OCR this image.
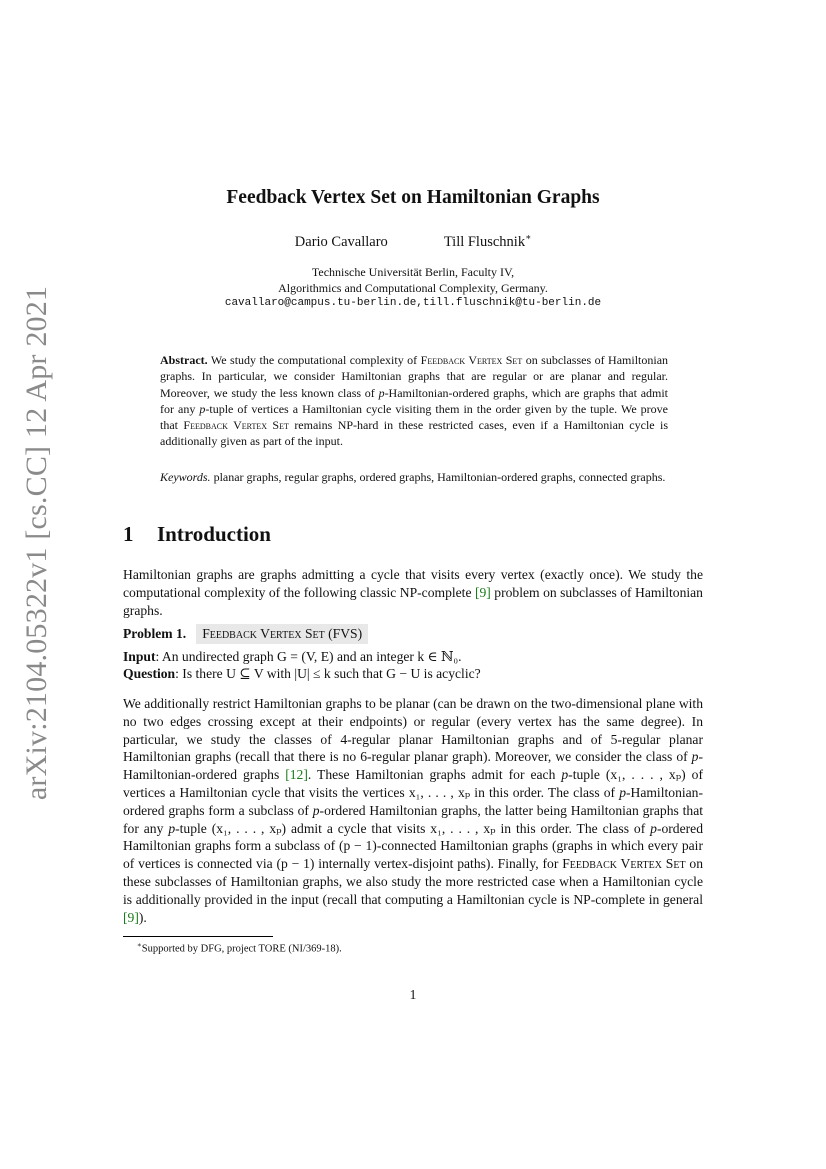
arXiv:2104.05322v1 [cs.CC] 12 Apr 2021
Feedback Vertex Set on Hamiltonian Graphs
Dario Cavallaro	Till Fluschnik∗
Technische Universität Berlin, Faculty IV,
Algorithmics and Computational Complexity, Germany.
cavallaro@campus.tu-berlin.de,till.fluschnik@tu-berlin.de
Abstract. We study the computational complexity of Feedback Vertex Set on subclasses of Hamiltonian graphs. In particular, we consider Hamiltonian graphs that are regular or are planar and regular. Moreover, we study the less known class of p-Hamiltonian-ordered graphs, which are graphs that admit for any p-tuple of vertices a Hamiltonian cycle visiting them in the order given by the tuple. We prove that Feedback Vertex Set remains NP-hard in these restricted cases, even if a Hamiltonian cycle is additionally given as part of the input.
Keywords. planar graphs, regular graphs, ordered graphs, Hamiltonian-ordered graphs, connected graphs.
1 Introduction
Hamiltonian graphs are graphs admitting a cycle that visits every vertex (exactly once). We study the computational complexity of the following classic NP-complete [9] problem on subclasses of Hamiltonian graphs.
Problem 1.	Feedback Vertex Set (FVS)
Input: An undirected graph G = (V, E) and an integer k ∈ ℕ₀.
Question: Is there U ⊆ V with |U| ≤ k such that G − U is acyclic?
We additionally restrict Hamiltonian graphs to be planar (can be drawn on the two-dimensional plane with no two edges crossing except at their endpoints) or regular (every vertex has the same degree). In particular, we study the classes of 4-regular planar Hamiltonian graphs and of 5-regular planar Hamiltonian graphs (recall that there is no 6-regular planar graph). Moreover, we consider the class of p-Hamiltonian-ordered graphs [12]. These Hamiltonian graphs admit for each p-tuple (x₁, . . . , xₚ) of vertices a Hamiltonian cycle that visits the vertices x₁, . . . , xₚ in this order. The class of p-Hamiltonian-ordered graphs form a subclass of p-ordered Hamiltonian graphs, the latter being Hamiltonian graphs that for any p-tuple (x₁, . . . , xₚ) admit a cycle that visits x₁, . . . , xₚ in this order. The class of p-ordered Hamiltonian graphs form a subclass of (p − 1)-connected Hamiltonian graphs (graphs in which every pair of vertices is connected via (p − 1) internally vertex-disjoint paths). Finally, for Feedback Vertex Set on these subclasses of Hamiltonian graphs, we also study the more restricted case when a Hamiltonian cycle is additionally provided in the input (recall that computing a Hamiltonian cycle is NP-complete in general [9]).
∗Supported by DFG, project TORE (NI/369-18).
1
